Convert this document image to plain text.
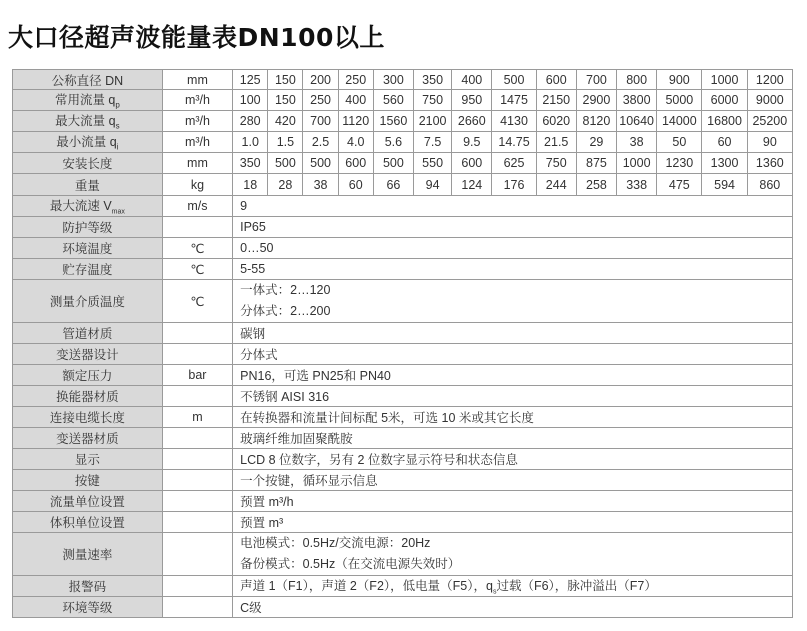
大口径超声波能量表DN100以上
公称直径 DN	mm	125	150	200	250	300	350	400	500	600	700	800	900	1000	1200
常用流量 $q_p$	m³/h	100	150	250	400	560	750	950	1475	2150	2900	3800	5000	6000	9000
最大流量 $q_s$	m³/h	280	420	700	1120	1560	2100	2660	4130	6020	8120	10640	14000	16800	25200
最小流量 $q_i$	m³/h	1.0	1.5	2.5	4.0	5.6	7.5	9.5	14.75	21.5	29	38	50	60	90
安装长度	mm	350	500	500	600	500	550	600	625	750	875	1000	1230	1300	1360
重量	kg	18	28	38	60	66	94	124	176	244	258	338	475	594	860
最大流速 $V_{max}$	m/s	9													
防护等级		IP65													
环境温度	℃	0…50													
贮存温度	℃	5-55													
测量介质温度	℃	一体式：2…120
分体式：2…200													

管道材质		碳钢													
变送器设计		分体式													
额定压力	bar	PN16，可选 PN25和 PN40													
换能器材质		不锈钢 AISI 316													
连接电缆长度	m	在转换器和流量计间标配 5米，可选 10 米或其它长度													
变送器材质		玻璃纤维加固聚酰胺													
显示		LCD 8 位数字，另有 2 位数字显示符号和状态信息													
按键		一个按键，循环显示信息													
流量单位设置		预置 m³/h													
体积单位设置		预置 m³													
测量速率		电池模式：0.5Hz/交流电源：20Hz
备份模式：0.5Hz（在交流电源失效时）													

报警码		声道 1（F1），声道 2（F2），低电量（F5），$q_s$过载（F6），脉冲溢出（F7）													
环境等级		C级													
